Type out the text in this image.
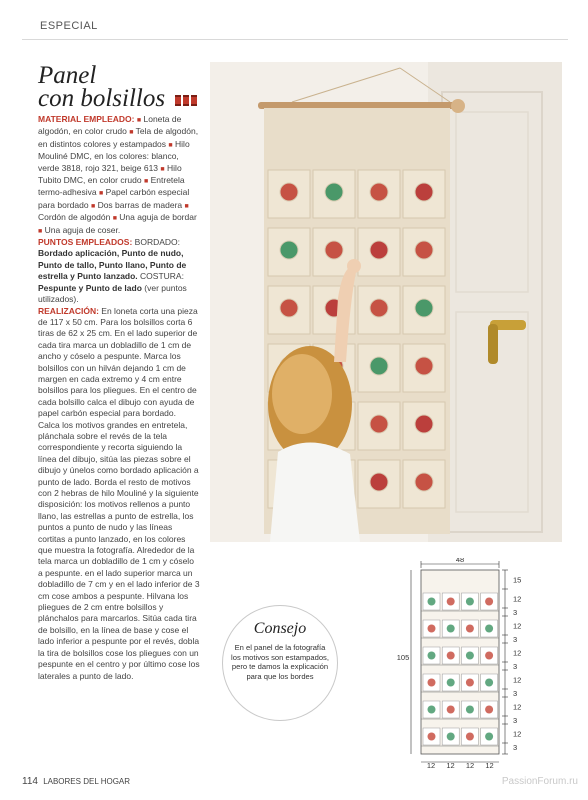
ESPECIAL
Panel
con bolsillos

MATERIAL EMPLEADO: ■ Loneta de algodón, en color crudo ■ Tela de algodón, en distintos colores y estampados ■ Hilo Mouliné DMC, en los colores: blanco, verde 3818, rojo 321, beige 613 ■ Hilo Tubito DMC, en color crudo ■ Entretela termo-adhesiva ■ Papel carbón especial para bordado ■ Dos barras de madera ■ Cordón de algodón ■ Una aguja de bordar ■ Una aguja de coser.

PUNTOS EMPLEADOS: BORDADO: Bordado aplicación, Punto de nudo, Punto de tallo, Punto llano, Punto de estrella y Punto lanzado. COSTURA: Pespunte y Punto de lado (ver puntos utilizados).

REALIZACIÓN: En loneta corta una pieza de 117 x 50 cm. Para los bolsillos corta 6 tiras de 62 x 25 cm. En el lado superior de cada tira marca un dobladillo de 1 cm de ancho y cóselo a pespunte. Marca los bolsillos con un hilván dejando 1 cm de margen en cada extremo y 4 cm entre bolsillos para los pliegues. En el centro de cada bolsillo calca el dibujo con ayuda de papel carbón especial para bordado. Calca los motivos grandes en entretela, plánchala sobre el revés de la tela correspondiente y recorta siguiendo la línea del dibujo, sitúa las piezas sobre el dibujo y únelos como bordado aplicación a punto de lado. Borda el resto de motivos con 2 hebras de hilo Mouliné y la siguiente disposición: los motivos rellenos a punto llano, las estrellas a punto de estrella, los puntos a punto de nudo y las líneas cortitas a punto lanzado, en los colores que muestra la fotografía. Alrededor de la tela marca un dobladillo de 1 cm y cóselo a pespunte. en el lado superior marca un dobladillo de 7 cm y en el lado inferior de 3 cm cose ambos a pespunte. Hilvana los pliegues de 2 cm entre bolsillos y plánchalos para marcarlos. Sitúa cada tira de bolsillo, en la línea de base y cose el lado inferior a pespunte por el revés, dobla la tira de bolsillos cose los pliegues con un pespunte en el centro y por último cose los laterales a punto de lado.

Consejo
En el panel de la fotografía los motivos son estampados, pero te damos la explicación para que los bordes
48
105
15
12
3
12
3
12
3
12
3
12
3
12
3
12 12 12 12
114 LABORES DEL HOGAR	PassionForum.ru
